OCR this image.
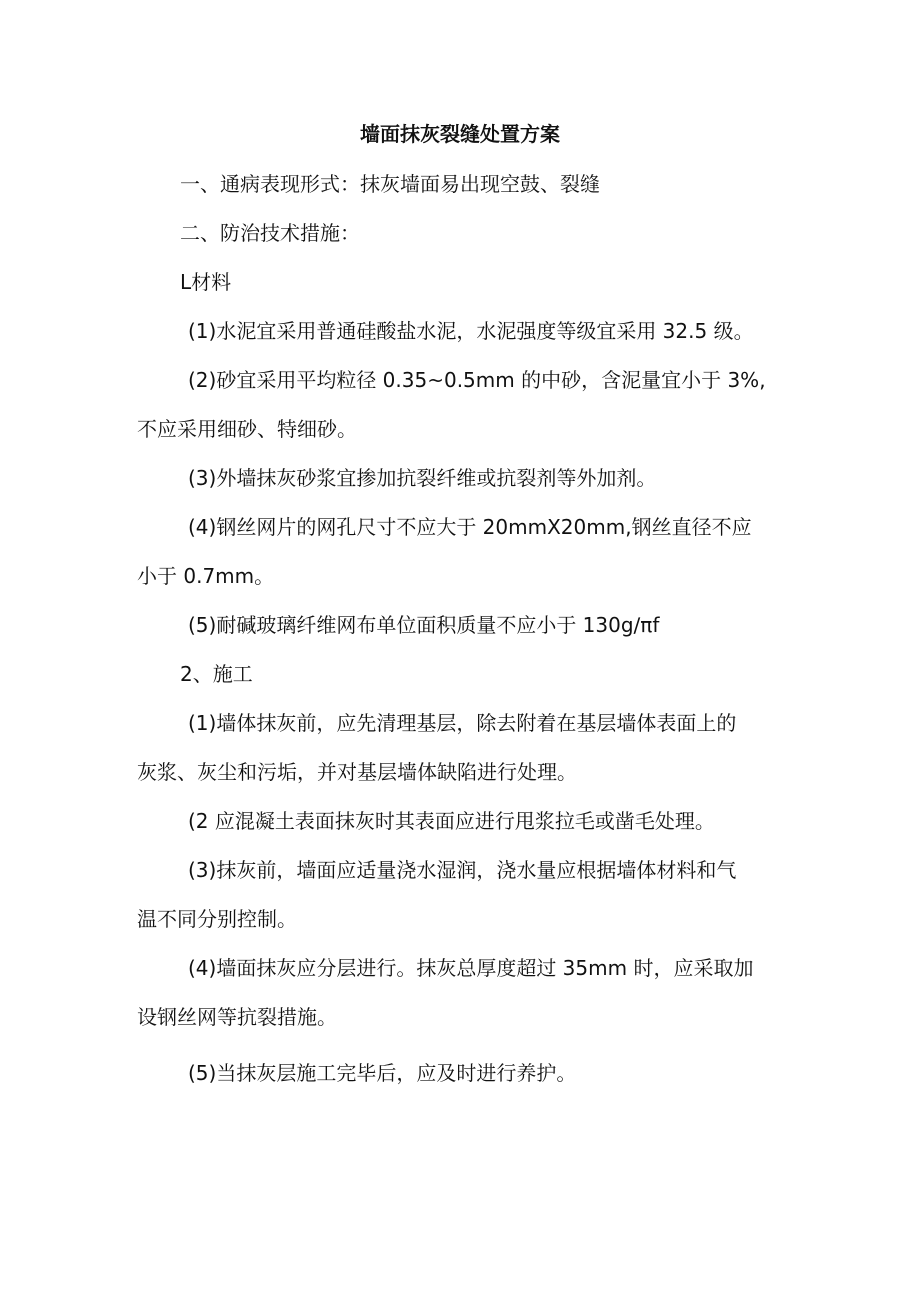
墙面抹灰裂缝处置方案
一、通病表现形式：抹灰墙面易出现空鼓、裂缝
二、防治技术措施：
L材料
(1)水泥宜采用普通硅酸盐水泥，水泥强度等级宜采用 32.5 级。
(2)砂宜采用平均粒径 0.35~0.5mm 的中砂，含泥量宜小于 3%,
不应采用细砂、特细砂。
(3)外墙抹灰砂浆宜掺加抗裂纤维或抗裂剂等外加剂。
(4)钢丝网片的网孔尺寸不应大于 20mmX20mm,钢丝直径不应
小于 0.7mm。
(5)耐碱玻璃纤维网布单位面积质量不应小于 130g∕πf
2、施工
(1)墙体抹灰前，应先清理基层，除去附着在基层墙体表面上的
灰浆、灰尘和污垢，并对基层墙体缺陷进行处理。
(2 应混凝土表面抹灰时其表面应进行甩浆拉毛或凿毛处理。
(3)抹灰前，墙面应适量浇水湿润，浇水量应根据墙体材料和气
温不同分别控制。
(4)墙面抹灰应分层进行。抹灰总厚度超过 35mm 时，应采取加
设钢丝网等抗裂措施。
(5)当抹灰层施工完毕后，应及时进行养护。
